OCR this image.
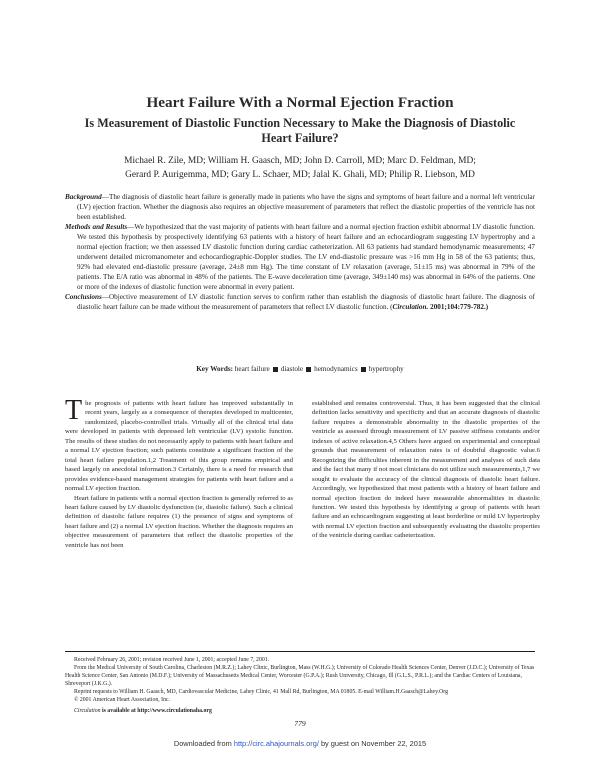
Heart Failure With a Normal Ejection Fraction
Is Measurement of Diastolic Function Necessary to Make the Diagnosis of Diastolic Heart Failure?
Michael R. Zile, MD; William H. Gaasch, MD; John D. Carroll, MD; Marc D. Feldman, MD;
Gerard P. Aurigemma, MD; Gary L. Schaer, MD; Jalal K. Ghali, MD; Philip R. Liebson, MD

Background—The diagnosis of diastolic heart failure is generally made in patients who have the signs and symptoms of heart failure and a normal left ventricular (LV) ejection fraction. Whether the diagnosis also requires an objective measurement of parameters that reflect the diastolic properties of the ventricle has not been established.

Methods and Results—We hypothesized that the vast majority of patients with heart failure and a normal ejection fraction exhibit abnormal LV diastolic function. We tested this hypothesis by prospectively identifying 63 patients with a history of heart failure and an echocardiogram suggesting LV hypertrophy and a normal ejection fraction; we then assessed LV diastolic function during cardiac catheterization. All 63 patients had standard hemodynamic measurements; 47 underwent detailed micromanometer and echocardiographic-Doppler studies. The LV end-diastolic pressure was >16 mm Hg in 58 of the 63 patients; thus, 92% had elevated end-diastolic pressure (average, 24±8 mm Hg). The time constant of LV relaxation (average, 51±15 ms) was abnormal in 79% of the patients. The E/A ratio was abnormal in 48% of the patients. The E-wave deceleration time (average, 349±140 ms) was abnormal in 64% of the patients. One or more of the indexes of diastolic function were abnormal in every patient.

Conclusions—Objective measurement of LV diastolic function serves to confirm rather than establish the diagnosis of diastolic heart failure. The diagnosis of diastolic heart failure can be made without the measurement of parameters that reflect LV diastolic function. (Circulation. 2001;104:779-782.)

Key Words: heart failure diastole hemodynamics hypertrophy

The prognosis of patients with heart failure has improved substantially in recent years, largely as a consequence of therapies developed in multicenter, randomized, placebo-controlled trials. Virtually all of the clinical trial data were developed in patients with depressed left ventricular (LV) systolic function. The results of these studies do not necessarily apply to patients with heart failure and a normal LV ejection fraction; such patients constitute a significant fraction of the total heart failure population.1,2 Treatment of this group remains empirical and based largely on anecdotal information.3 Certainly, there is a need for research that provides evidence-based management strategies for patients with heart failure and a normal LV ejection fraction.

Heart failure in patients with a normal ejection fraction is generally referred to as heart failure caused by LV diastolic dysfunction (ie, diastolic failure). Such a clinical definition of diastolic failure requires (1) the presence of signs and symptoms of heart failure and (2) a normal LV ejection fraction. Whether the diagnosis requires an objective measurement of parameters that reflect the diastolic properties of the ventricle has not been

established and remains controversial. Thus, it has been suggested that the clinical definition lacks sensitivity and specificity and that an accurate diagnosis of diastolic failure requires a demonstrable abnormality in the diastolic properties of the ventricle as assessed through measurement of LV passive stiffness constants and/or indexes of active relaxation.4,5 Others have argued on experimental and conceptual grounds that measurement of relaxation rates is of doubtful diagnostic value.6 Recognizing the difficulties inherent in the measurement and analyses of such data and the fact that many if not most clinicians do not utilize such measurements,1,7 we sought to evaluate the accuracy of the clinical diagnosis of diastolic heart failure. Accordingly, we hypothesized that most patients with a history of heart failure and normal ejection fraction do indeed have measurable abnormalities in diastolic function. We tested this hypothesis by identifying a group of patients with heart failure and an echocardiogram suggesting at least borderline or mild LV hypertrophy with normal LV ejection fraction and subsequently evaluating the diastolic properties of the ventricle during cardiac catheterization.

Received February 26, 2001; revision received June 1, 2001; accepted June 7, 2001.

From the Medical University of South Carolina, Charleston (M.R.Z.); Lahey Clinic, Burlington, Mass (W.H.G.); University of Colorado Health Sciences Center, Denver (J.D.C.); University of Texas Health Science Center, San Antonio (M.D.F.); University of Massachusetts Medical Center, Worcester (G.P.A.); Rush University, Chicago, Ill (G.L.S., P.R.L.); and the Cardiac Centers of Louisiana, Shreveport (J.K.G.).

Reprint requests to William H. Gaasch, MD, Cardiovascular Medicine, Lahey Clinic, 41 Mall Rd, Burlington, MA 01805. E-mail William.H.Gaasch@Lahey.Org

© 2001 American Heart Association, Inc.

Circulation is available at http://www.circulationaha.org

779
Downloaded from http://circ.ahajournals.org/ by guest on November 22, 2015
